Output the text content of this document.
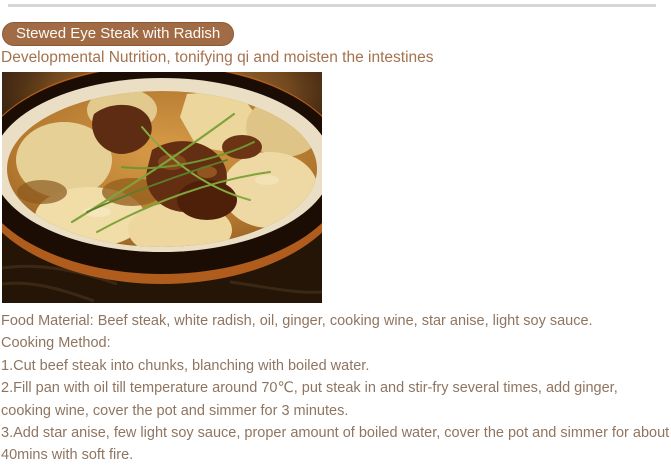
Stewed Eye Steak with Radish
Developmental Nutrition, tonifying qi and moisten the intestines

Food Material: Beef steak, white radish, oil, ginger, cooking wine, star anise, light soy sauce.

Cooking Method:

1.Cut beef steak into chunks, blanching with boiled water.

2.Fill pan with oil till temperature around 70℃, put steak in and stir-fry several times, add ginger, cooking wine, cover the pot and simmer for 3 minutes.

3.Add star anise, few light soy sauce, proper amount of boiled water, cover the pot and simmer for about 40mins with soft fire.
